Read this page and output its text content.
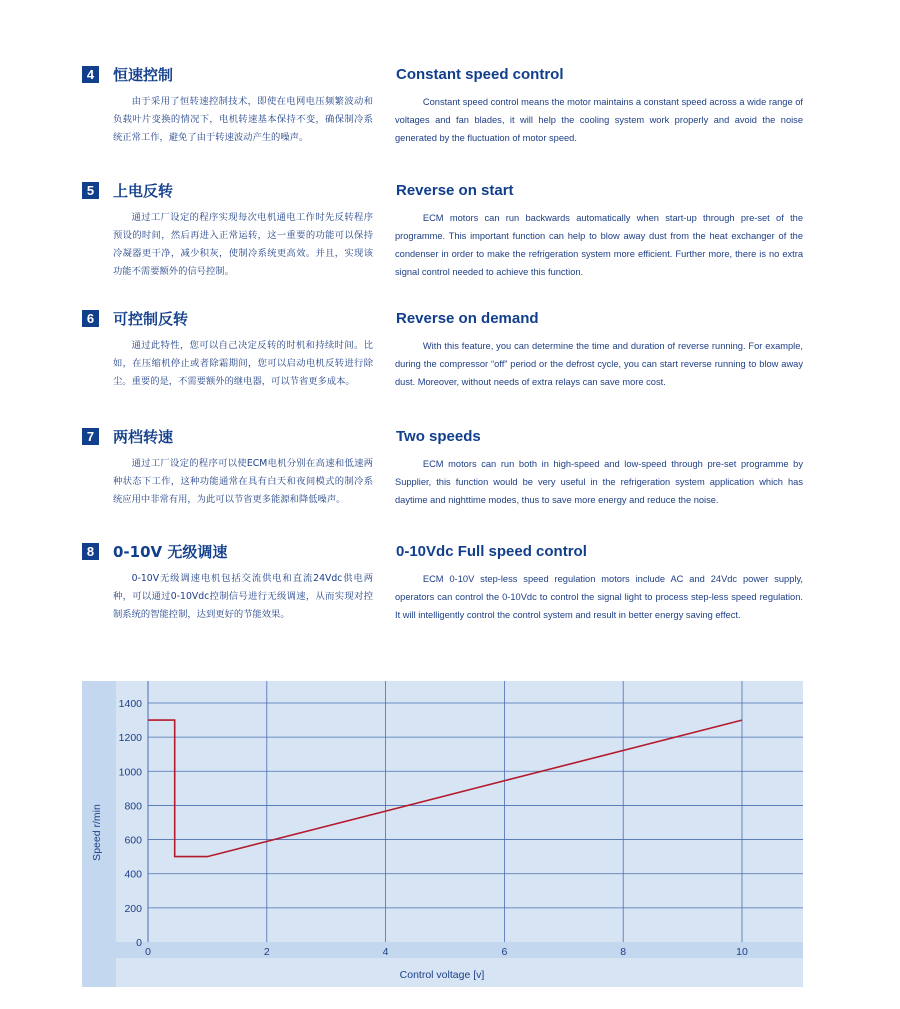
4	恒速控制	Constant speed control

由于采用了恒转速控制技术，即使在电网电压频繁波动和负载叶片变换的情况下，电机转速基本保持不变，确保制冷系统正常工作，避免了由于转速波动产生的噪声。

Constant speed control means the motor maintains a constant speed across a wide range of voltages and fan blades, it will help the cooling system work properly and avoid the noise generated by the fluctuation of motor speed.

5	上电反转	Reverse on start

通过工厂设定的程序实现每次电机通电工作时先反转程序预设的时间，然后再进入正常运转，这一重要的功能可以保持冷凝器更干净，减少积灰，使制冷系统更高效。并且，实现该功能不需要额外的信号控制。

ECM motors can run backwards automatically when start-up through pre-set of the programme. This important function can help to blow away dust from the heat exchanger of the condenser in order to make the refrigeration system more efficient. Further more, there is no extra signal control needed to achieve this function.

6	可控制反转	Reverse on demand

通过此特性，您可以自己决定反转的时机和持续时间。比如，在压缩机停止或者除霜期间，您可以启动电机反转进行除尘。重要的是，不需要额外的继电器，可以节省更多成本。

With this feature, you can determine the time and duration of reverse running. For example, during the compressor “off” period or the defrost cycle, you can start reverse running to blow away dust. Moreover, without needs of extra relays can save more cost.

7	两档转速	Two speeds

通过工厂设定的程序可以使ECM电机分别在高速和低速两种状态下工作，这种功能通常在具有白天和夜间模式的制冷系统应用中非常有用，为此可以节省更多能源和降低噪声。

ECM motors can run both in high-speed and low-speed through pre-set programme by Supplier, this function would be very useful in the refrigeration system application which has daytime and nighttime modes, thus to save more energy and reduce the noise.

8	0-10V 无级调速	0-10Vdc Full speed control

0-10V无级调速电机包括交流供电和直流24Vdc供电两种，可以通过0-10Vdc控制信号进行无级调速，从而实现对控制系统的智能控制，达到更好的节能效果。

ECM 0-10V step-less speed regulation motors include AC and 24Vdc power supply, operators can control the 0-10Vdc to control the signal light to process step-less speed regulation. It will intelligently control the control system and result in better energy saving effect.

0
200
400
600
800
1000
1200
1400
0	2	4	6	8	10
Control voltage [v]
Speed r/min
